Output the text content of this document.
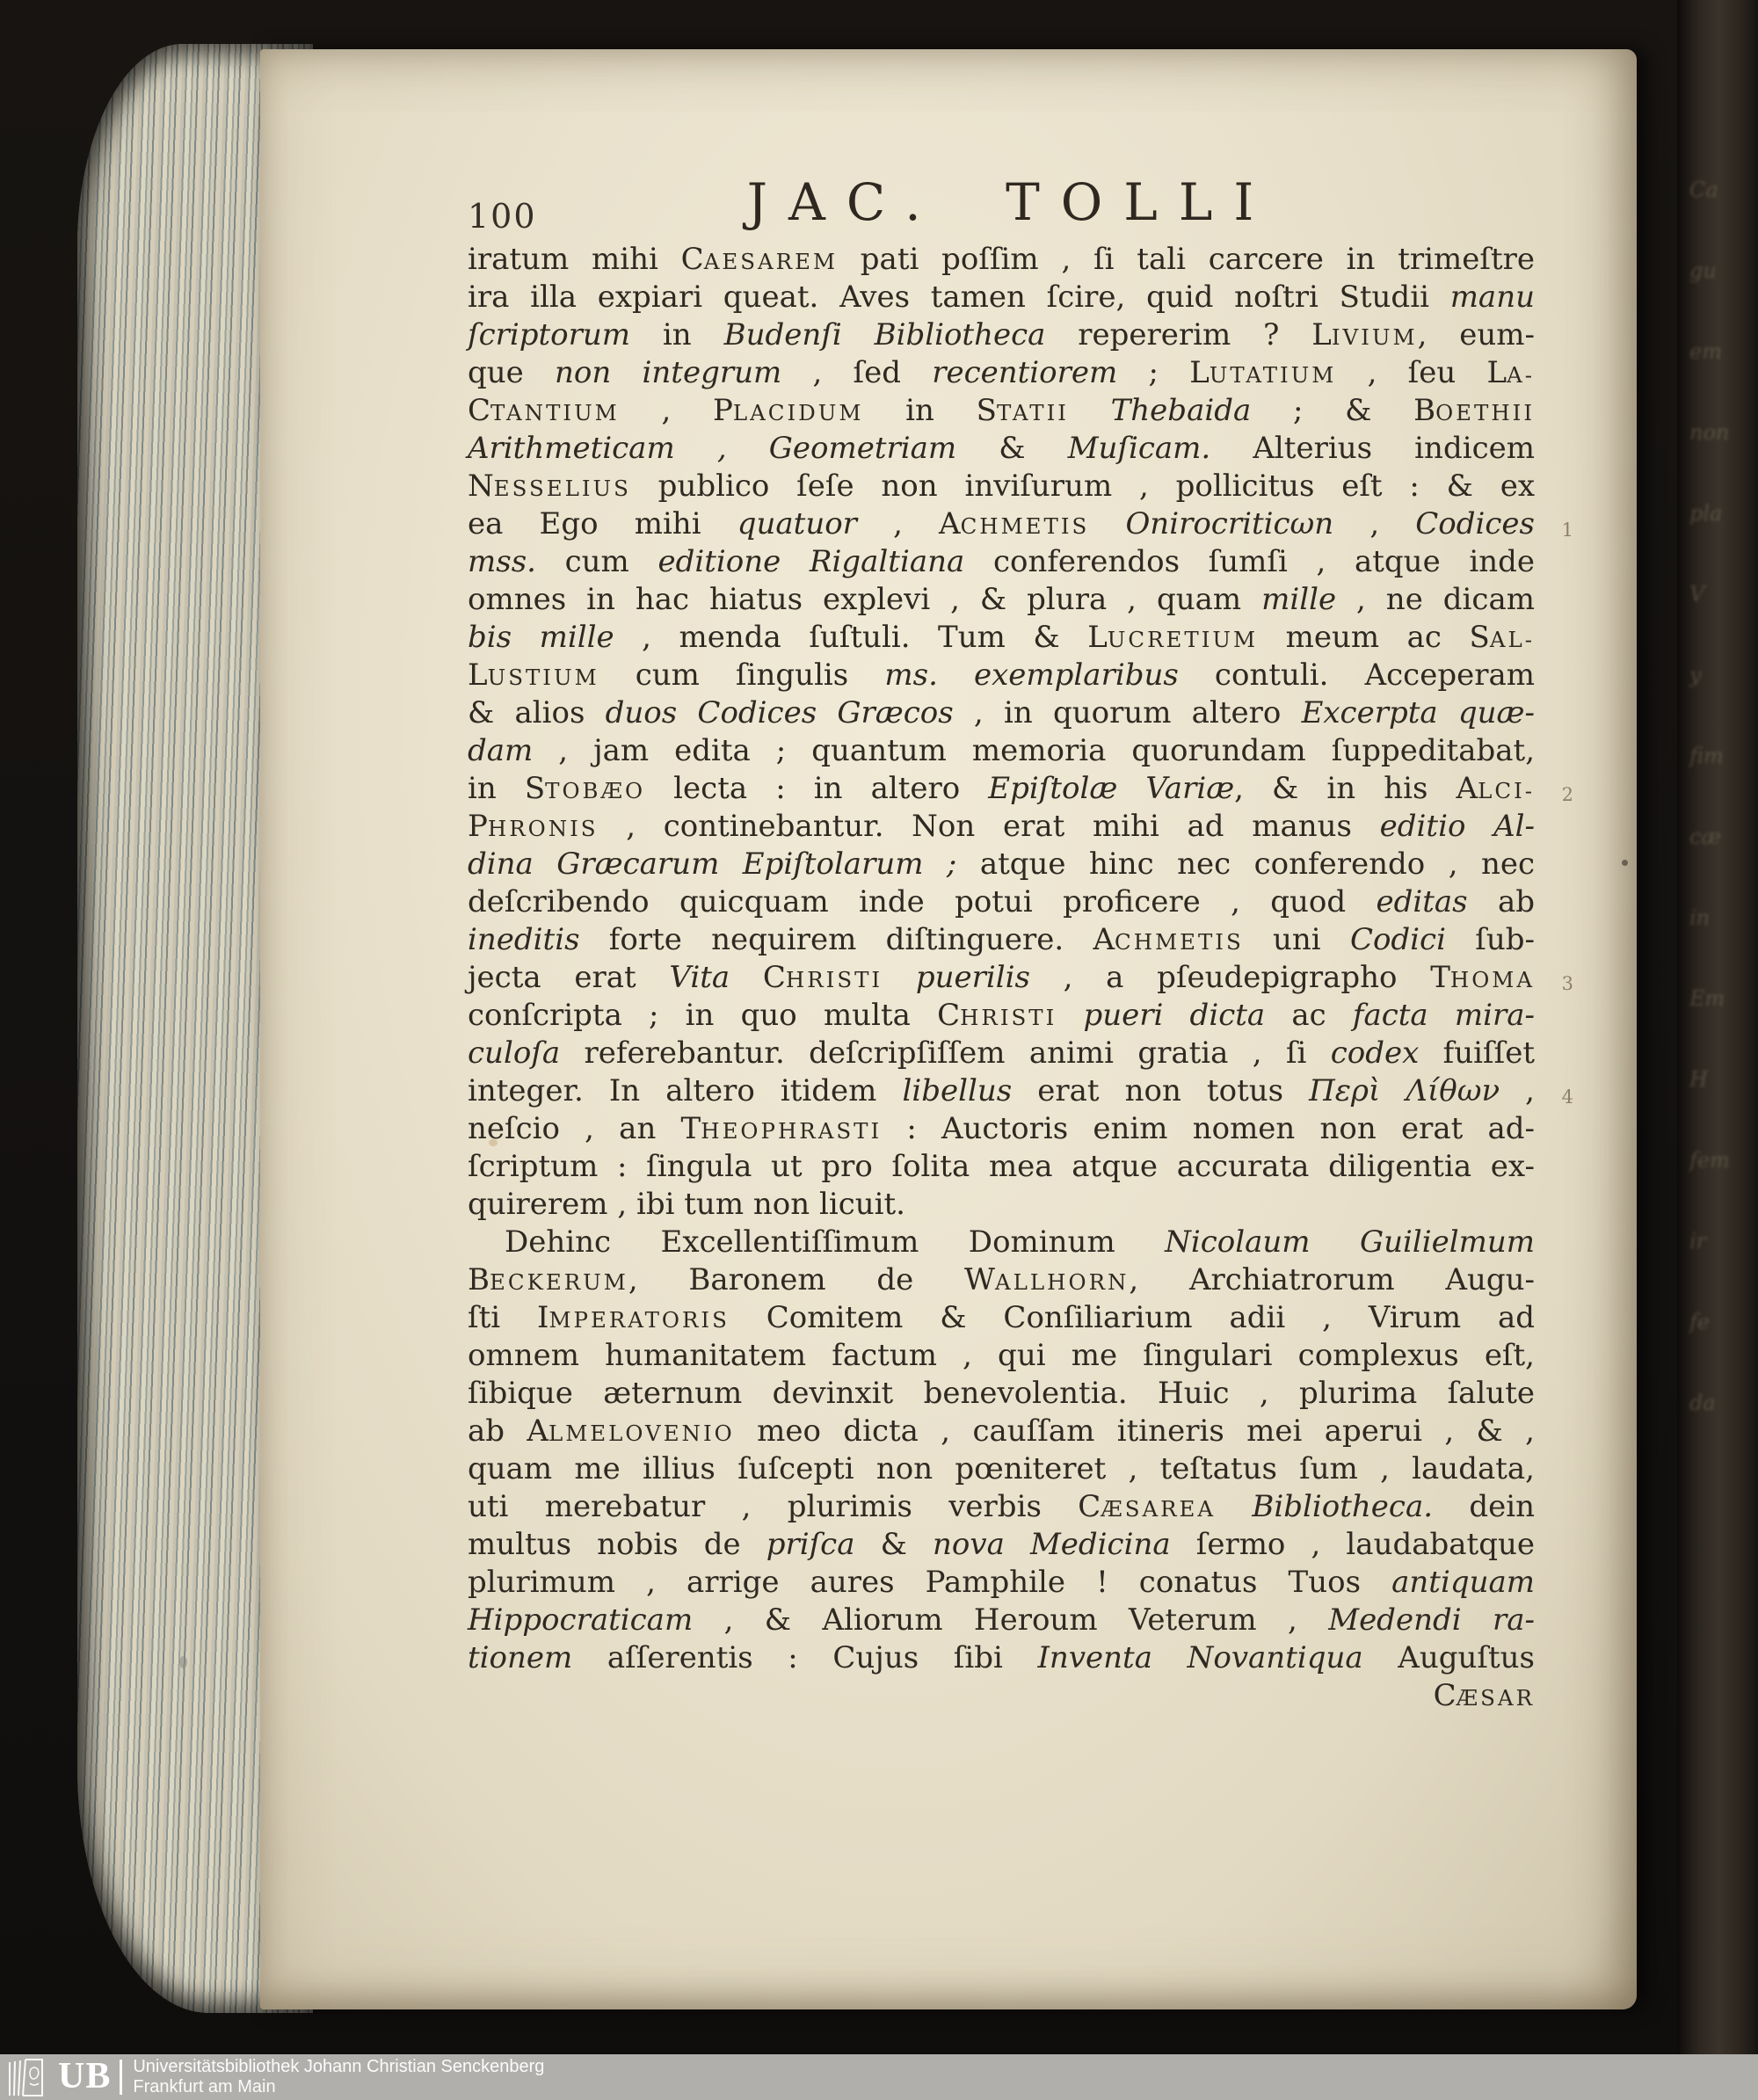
100	JAC. TOLLI
iratum mihi CAESAREM pati poſſim , ſi tali carcere in trimeſtre
ira illa expiari queat. Aves tamen ſcire, quid noſtri Studii manu
ſcriptorum in Budenſi Bibliotheca repererim ? LIVIUM, eum-
que non integrum , ſed recentiorem ; LUTATIUM , ſeu LA-
CTANTIUM , PLACIDUM in STATII Thebaida ; & BOETHII
Arithmeticam , Geometriam & Muſicam. Alterius indicem
NESSELIUS publico ſeſe non inviſurum , pollicitus eſt : & ex
ea Ego mihi quatuor , ACHMETIS Onirocriticωn , Codices 1
mss. cum editione Rigaltiana conferendos ſumſi , atque inde
omnes in hac hiatus explevi , & plura , quam mille , ne dicam
bis mille , menda ſuſtuli. Tum & LUCRETIUM meum ac SAL-
LUSTIUM cum ſingulis ms. exemplaribus contuli. Acceperam
& alios duos Codices Græcos , in quorum altero Excerpta quæ-
dam , jam edita ; quantum memoria quorundam ſuppeditabat,
in STOBÆO lecta : in altero Epiſtolæ Variæ, & in his ALCI- 2
PHRONIS , continebantur. Non erat mihi ad manus editio Al-
dina Græcarum Epiſtolarum ; atque hinc nec conferendo , nec
deſcribendo quicquam inde potui proficere , quod editas ab
ineditis forte nequirem diſtinguere. ACHMETIS uni Codici ſub-
jecta erat Vita CHRISTI puerilis , a pſeudepigrapho THOMA 3
conſcripta ; in quo multa CHRISTI pueri dicta ac facta mira-
culoſa referebantur. deſcripſiſſem animi gratia , ſi codex fuiſſet
integer. In altero itidem libellus erat non totus Περὶ Λίθων , 4
neſcio , an THEOPHRASTI : Auctoris enim nomen non erat ad-
ſcriptum : ſingula ut pro ſolita mea atque accurata diligentia ex-
quirerem , ibi tum non licuit.
Dehinc Excellentiſſimum Dominum Nicolaum Guilielmum
BECKERUM, Baronem de WALLHORN, Archiatrorum Augu-
ſti IMPERATORIS Comitem & Conſiliarium adii , Virum ad
omnem humanitatem factum , qui me ſingulari complexus eſt,
ſibique æternum devinxit benevolentia. Huic , plurima ſalute
ab ALMELOVENIO meo dicta , cauſſam itineris mei aperui , & ,
quam me illius ſuſcepti non pœniteret , teſtatus ſum , laudata,
uti merebatur , plurimis verbis CÆSAREA Bibliotheca. dein
multus nobis de priſca & nova Medicina ſermo , laudabatque
plurimum , arrige aures Pamphile ! conatus Tuos antiquam
Hippocraticam , & Aliorum Heroum Veterum , Medendi ra-
tionem aſſerentis : Cujus ſibi Inventa Novantiqua Auguſtus
CÆSAR
Ca
gu
em
non
pla
V
y
fim
cæ
in
Em
H
fem
ir
fe
da
UB Universitätsbibliothek Johann Christian Senckenberg
Frankfurt am Main
